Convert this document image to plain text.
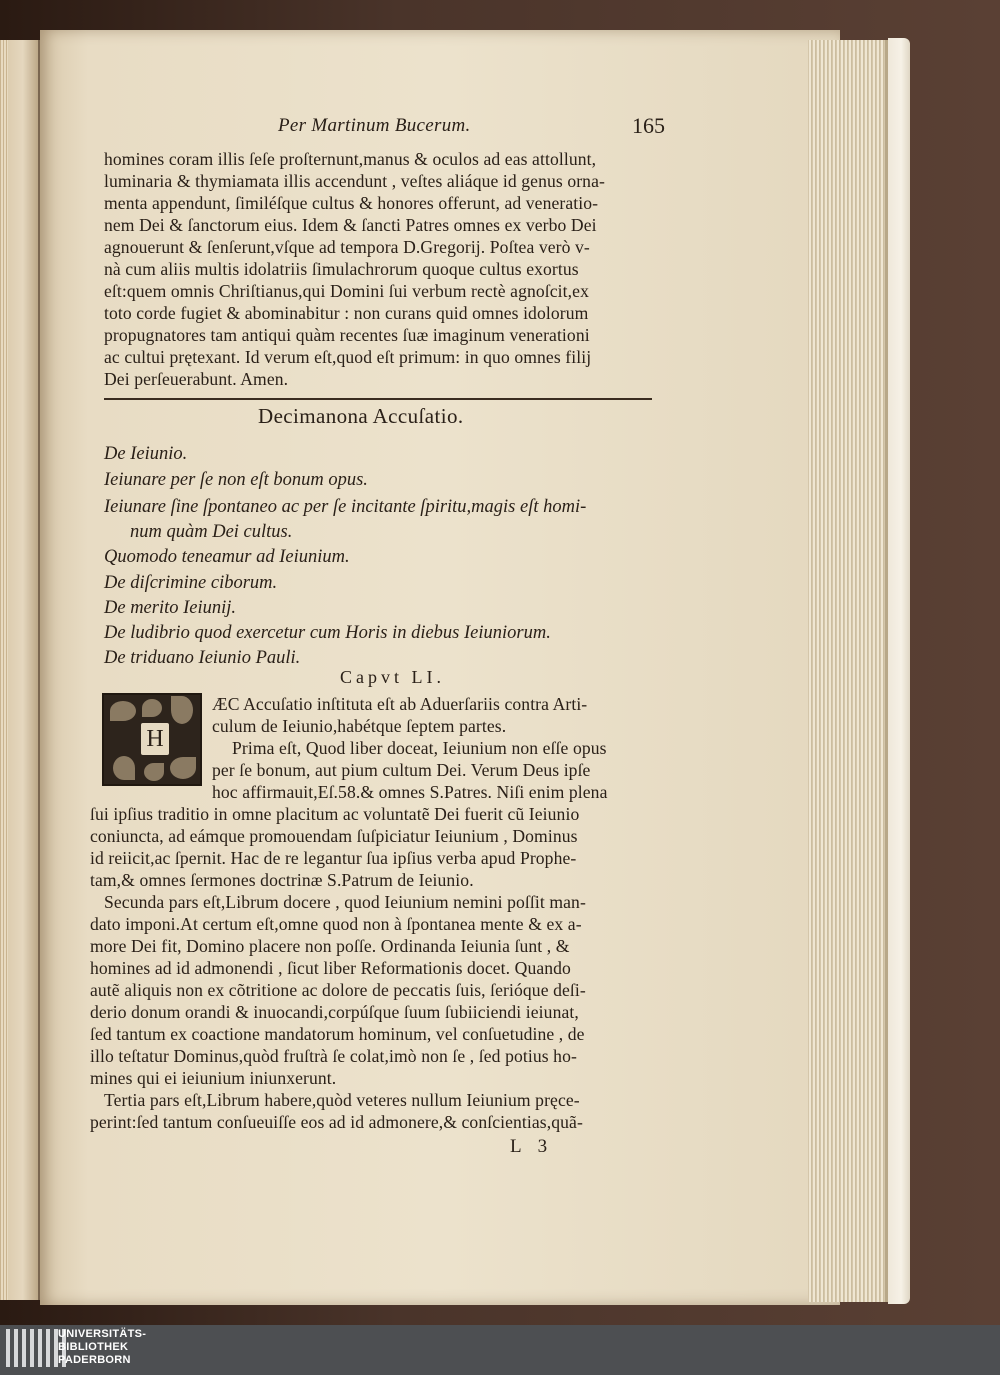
Per Martinum Bucerum.	165
homines coram illis ſeſe proſternunt,manus & oculos ad eas attollunt,
luminaria & thymiamata illis accendunt , veſtes aliáque id genus orna-
menta appendunt, ſimiléſque cultus & honores offerunt, ad veneratio-
nem Dei & ſanctorum eius. Idem & ſancti Patres omnes ex verbo Dei
agnouerunt & ſenſerunt,vſque ad tempora D.Gregorij. Poſtea verò v-
nà cum aliis multis idolatriis ſimulachrorum quoque cultus exortus
eſt:quem omnis Chriſtianus,qui Domini ſui verbum rectè agnoſcit,ex
toto corde fugiet & abominabitur : non curans quid omnes idolorum
propugnatores tam antiqui quàm recentes ſuæ imaginum venerationi
ac cultui prętexant. Id verum eſt,quod eſt primum: in quo omnes filij
Dei perſeuerabunt. Amen.
Decimanona Accuſatio.
De Ieiunio.
Ieiunare per ſe non eſt bonum opus.
Ieiunare ſine ſpontaneo ac per ſe incitante ſpiritu,magis eſt homi-
num quàm Dei cultus.
Quomodo teneamur ad Ieiunium.
De diſcrimine ciborum.
De merito Ieiunij.
De ludibrio quod exercetur cum Horis in diebus Ieiuniorum.
De triduano Ieiunio Pauli.
Capvt LI.
H
ÆC Accuſatio inſtituta eſt ab Aduerſariis contra Arti-
culum de Ieiunio,habétque ſeptem partes.
Prima eſt, Quod liber doceat, Ieiunium non eſſe opus
per ſe bonum, aut pium cultum Dei. Verum Deus ipſe
hoc affirmauit,Eſ.58.& omnes S.Patres. Niſi enim plena
ſui ipſius traditio in omne placitum ac voluntatẽ Dei fuerit cũ Ieiunio
coniuncta, ad eámque promouendam ſuſpiciatur Ieiunium , Dominus
id reiicit,ac ſpernit. Hac de re legantur ſua ipſius verba apud Prophe-
tam,& omnes ſermones doctrinæ S.Patrum de Ieiunio.
Secunda pars eſt,Librum docere , quod Ieiunium nemini poſſit man-
dato imponi.At certum eſt,omne quod non à ſpontanea mente & ex a-
more Dei fit, Domino placere non poſſe. Ordinanda Ieiunia ſunt , &
homines ad id admonendi , ſicut liber Reformationis docet. Quando
autẽ aliquis non ex cõtritione ac dolore de peccatis ſuis, ſerióque deſi-
derio donum orandi & inuocandi,corpúſque ſuum ſubiiciendi ieiunat,
ſed tantum ex coactione mandatorum hominum, vel conſuetudine , de
illo teſtatur Dominus,quòd fruſtrà ſe colat,imò non ſe , ſed potius ho-
mines qui ei ieiunium iniunxerunt.
Tertia pars eſt,Librum habere,quòd veteres nullum Ieiunium pręce-
perint:ſed tantum conſueuiſſe eos ad id admonere,& conſcientias,quã-
L 3
UNIVERSITÄTS-
BIBLIOTHEK
PADERBORN
